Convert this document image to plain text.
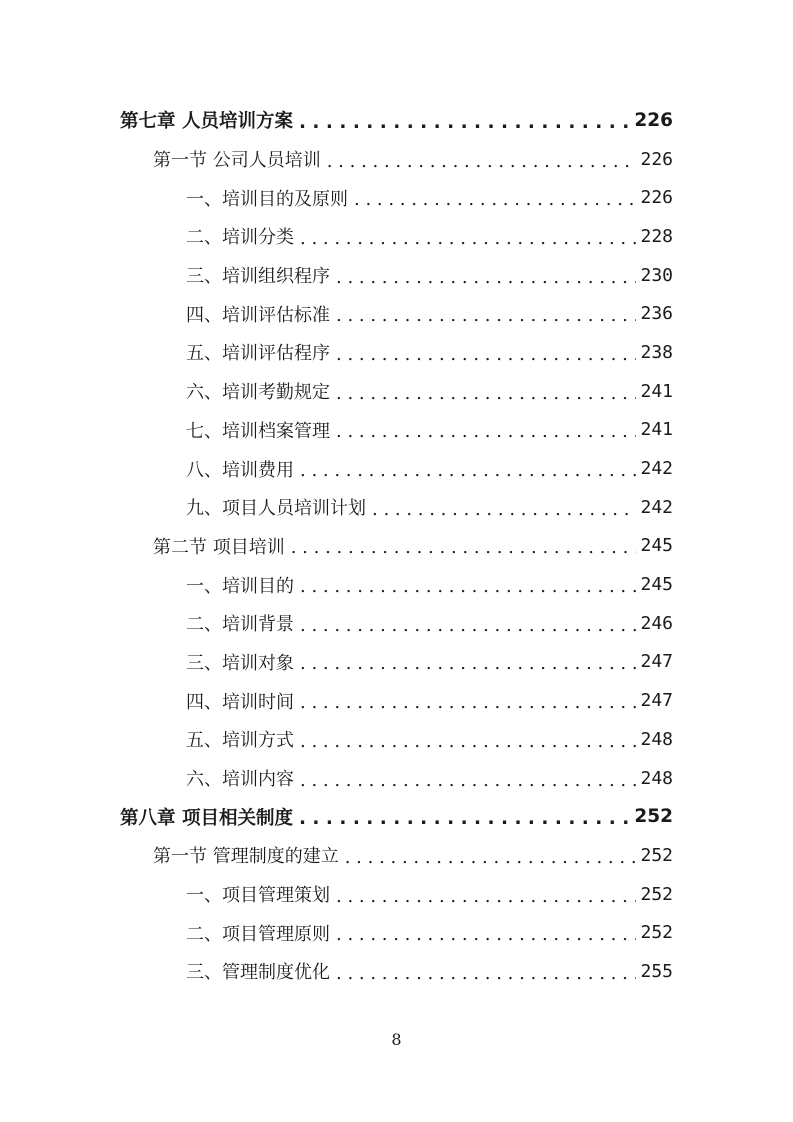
第七章 人员培训方案 . . .	226
第一节 公司人员培训 . . .	226
一、培训目的及原则 . . .	226
二、培训分类 . . .	228
三、培训组织程序 . . .	230
四、培训评估标准 . . .	236
五、培训评估程序 . . .	238
六、培训考勤规定 . . .	241
七、培训档案管理 . . .	241
八、培训费用 . . .	242
九、项目人员培训计划 . . .	242
第二节 项目培训 . . .	245
一、培训目的 . . .	245
二、培训背景 . . .	246
三、培训对象 . . .	247
四、培训时间 . . .	247
五、培训方式 . . .	248
六、培训内容 . . .	248
第八章 项目相关制度 . . .	252
第一节 管理制度的建立 . . .	252
一、项目管理策划 . . .	252
二、项目管理原则 . . .	252
三、管理制度优化 . . .	255
8
